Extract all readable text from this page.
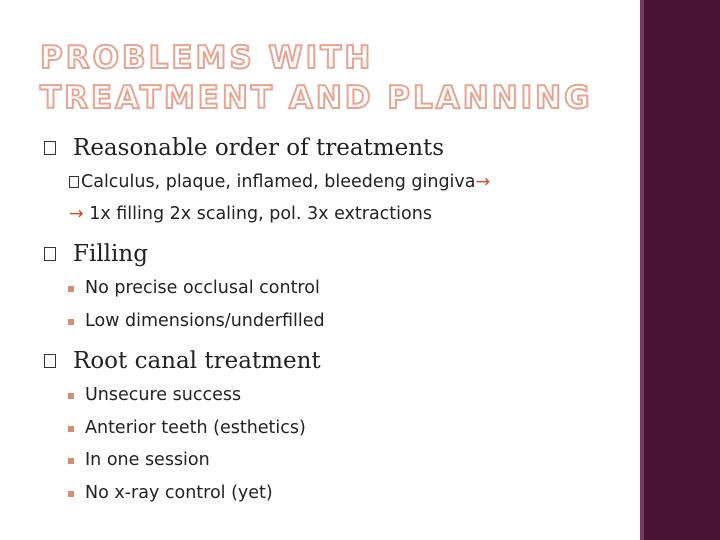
PROBLEMS WITH TREATMENT AND PLANNING

Reasonable order of treatments

Calculus, plaque, inflamed, bleedeng gingiva→
→ 1x filling 2x scaling, pol. 3x extractions

Filling

No precise occlusal control

Low dimensions/underfilled

Root canal treatment

Unsecure success

Anterior teeth (esthetics)

In one session

No x-ray control (yet)
